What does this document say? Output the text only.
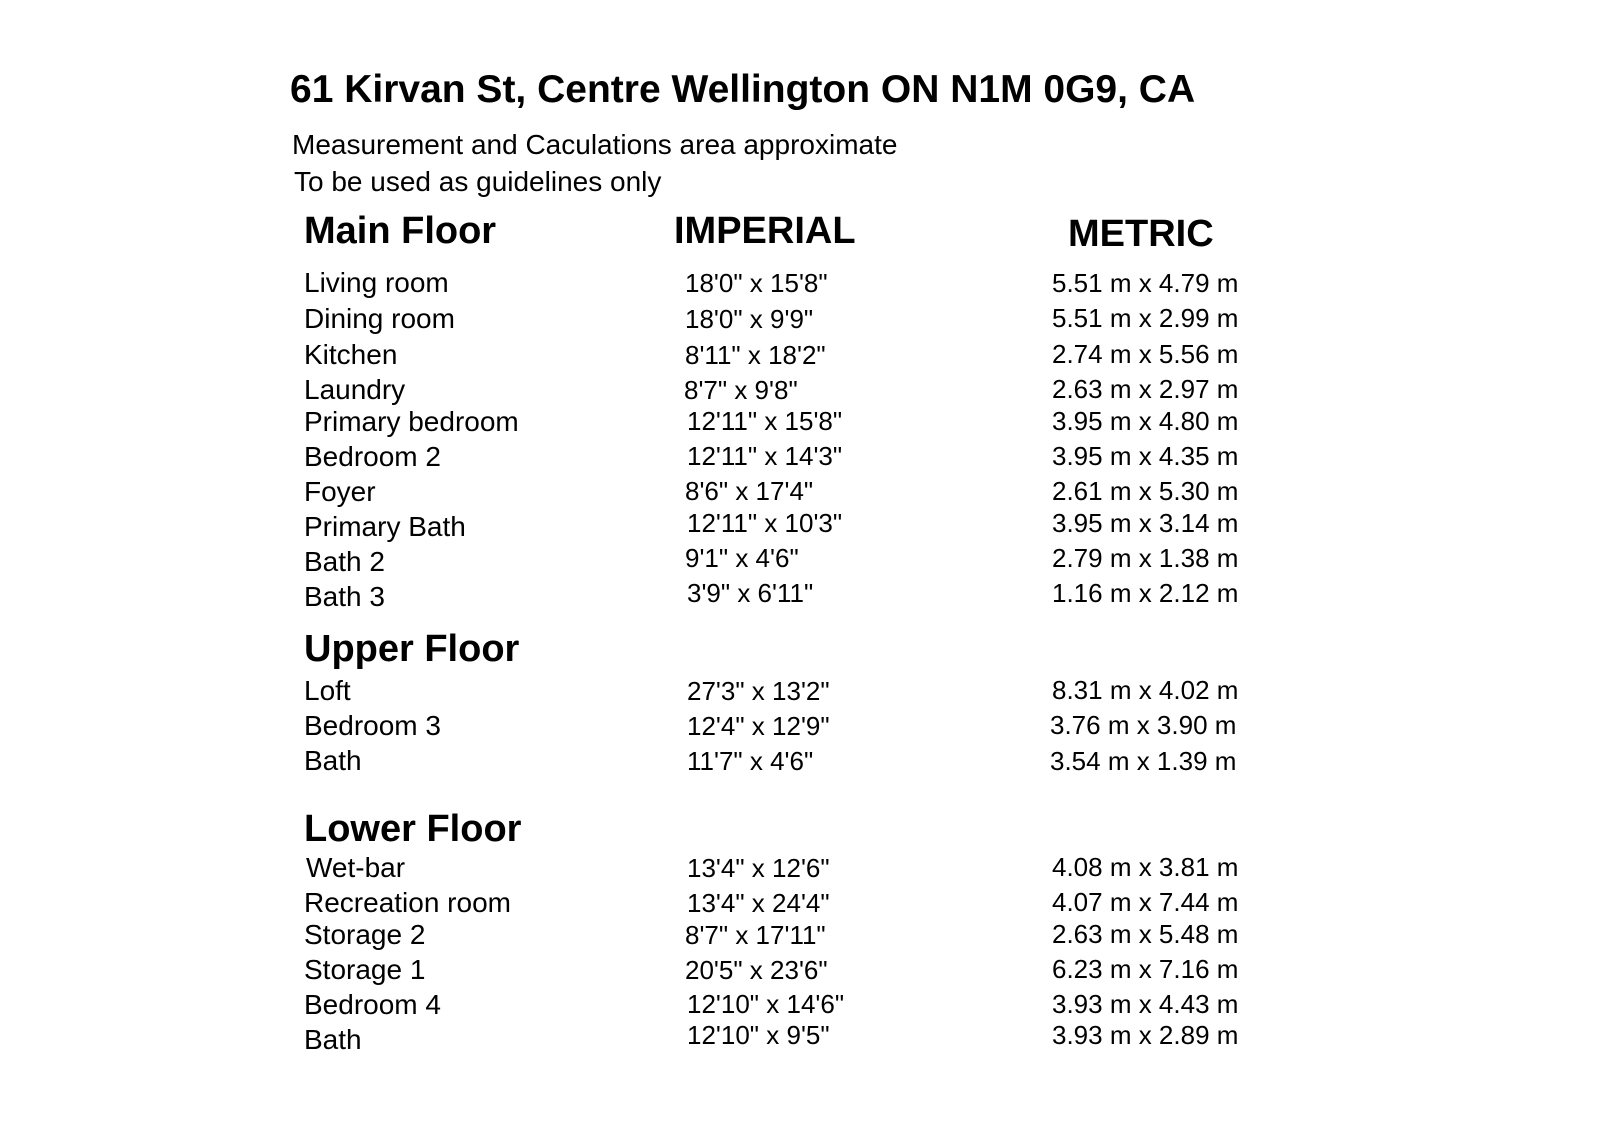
61 Kirvan St, Centre Wellington ON N1M 0G9, CA
Measurement and Caculations area approximate
To be used as guidelines only
Main Floor	IMPERIAL	METRIC
Living room	18'0" x 15'8"	5.51 m x 4.79 m
Dining room	18'0" x 9'9"	5.51 m x 2.99 m
Kitchen	8'11" x 18'2"	2.74 m x 5.56 m
Laundry	8'7" x 9'8"	2.63 m x 2.97 m
Primary bedroom	12'11" x 15'8"	3.95 m x 4.80 m
Bedroom 2	12'11" x 14'3"	3.95 m x 4.35 m
Foyer	8'6" x 17'4"	2.61 m x 5.30 m
Primary Bath	12'11" x 10'3"	3.95 m x 3.14 m
Bath 2	9'1" x 4'6"	2.79 m x 1.38 m
Bath 3	3'9" x 6'11"	1.16 m x 2.12 m
Upper Floor
Loft	27'3" x 13'2"	8.31 m x 4.02 m
Bedroom 3	12'4" x 12'9"	3.76 m x 3.90 m
Bath	11'7" x 4'6"	3.54 m x 1.39 m
Lower Floor
Wet-bar	13'4" x 12'6"	4.08 m x 3.81 m
Recreation room	13'4" x 24'4"	4.07 m x 7.44 m
Storage 2	8'7" x 17'11"	2.63 m x 5.48 m
Storage 1	20'5" x 23'6"	6.23 m x 7.16 m
Bedroom 4	12'10" x 14'6"	3.93 m x 4.43 m
Bath	12'10" x 9'5"	3.93 m x 2.89 m
